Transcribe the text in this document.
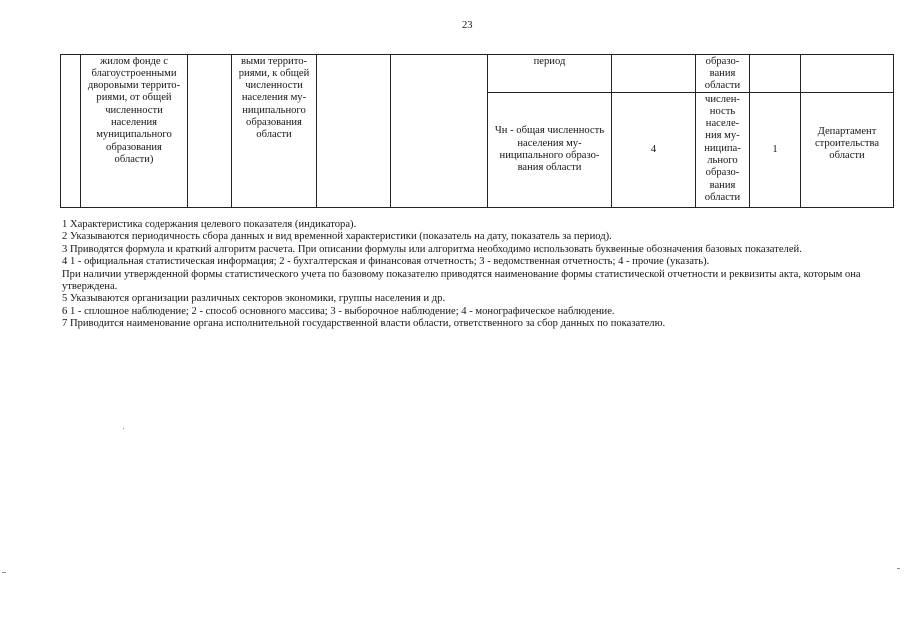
23
жилом фонде с
благоустроенными
дворовыми террито-
риями, от общей
численности
населения
муниципального
образования
области)
выми террито-
риями, к общей
численности
населения му-
ниципального
образования
области
период	образо-
вания
области
Чн - общая численность
населения му-
ниципального образо-
вания области
4
числен-
ность
населе-
ния му-
ниципа-
льного
образо-
вания
области
1
Департамент
строительства
области
1 Характеристика содержания целевого показателя (индикатора).
2 Указываются периодичность сбора данных и вид временной характеристики (показатель на дату, показатель за период).
3 Приводятся формула и краткий алгоритм расчета. При описании формулы или алгоритма необходимо использовать буквенные обозначения базовых показателей.
4 1 - официальная статистическая информация; 2 - бухгалтерская и финансовая отчетность; 3 - ведомственная отчетность; 4 - прочие (указать).
При наличии утвержденной формы статистического учета по базовому показателю приводятся наименование формы статистической отчетности и реквизиты акта, которым она
утверждена.
5 Указываются организации различных секторов экономики, группы населения и др.
6 1 - сплошное наблюдение; 2 - способ основного массива; 3 - выборочное наблюдение; 4 - монографическое наблюдение.
7 Приводится наименование органа исполнительной государственной власти области, ответственного за сбор данных по показателю.
